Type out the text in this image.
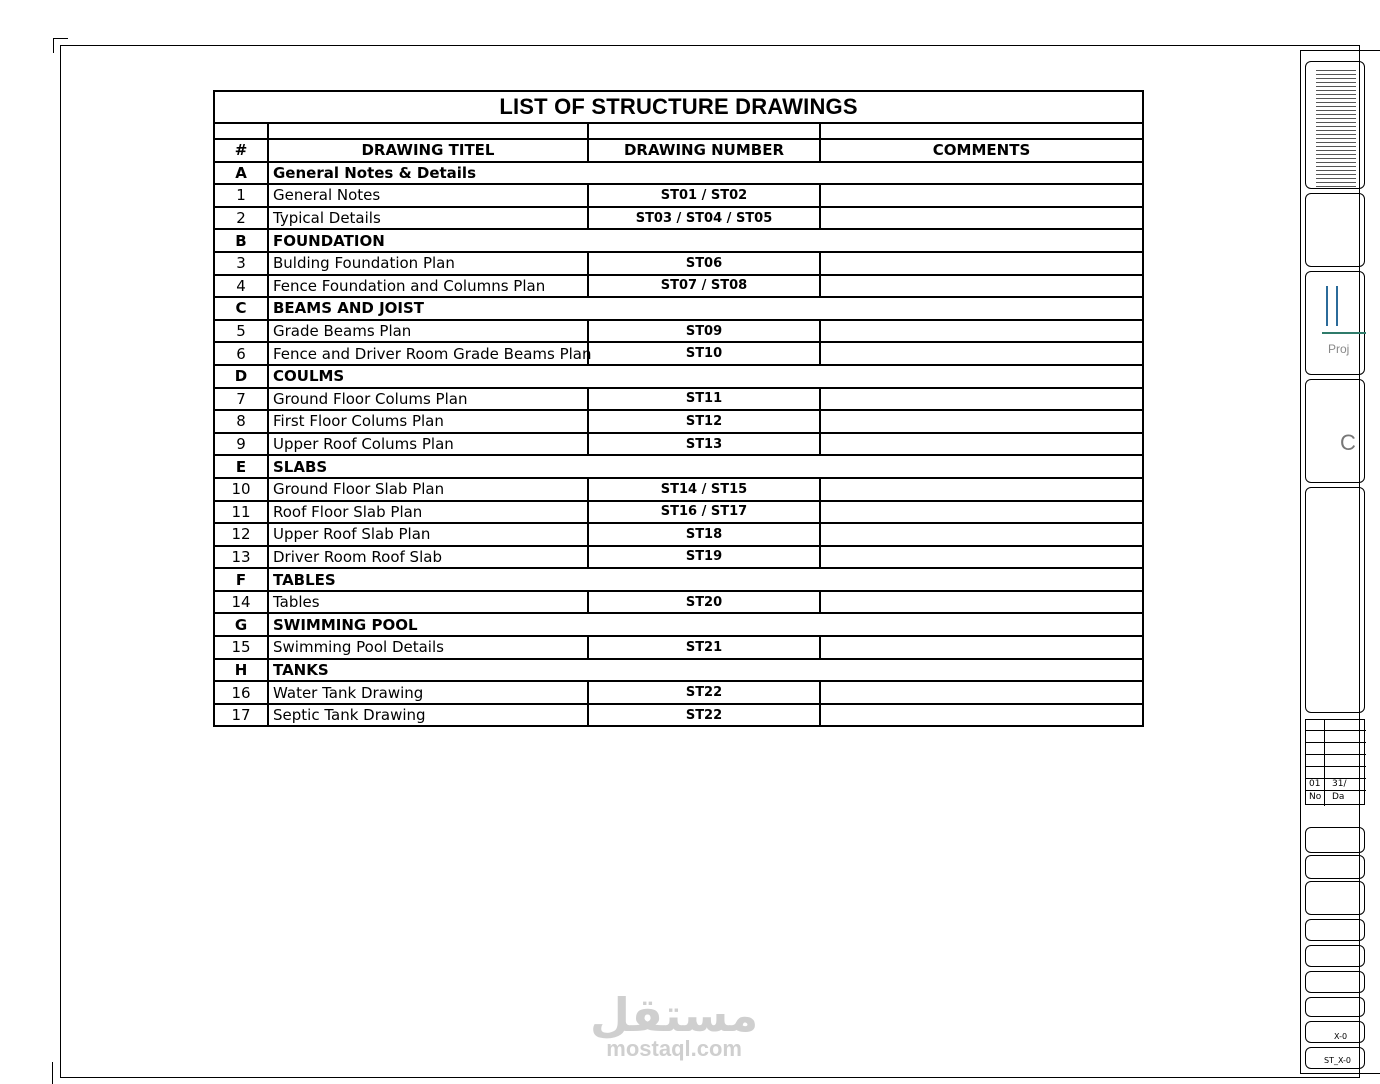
LIST OF STRUCTURE DRAWINGS			

#	DRAWING TITEL	DRAWING NUMBER	COMMENTS
A	General Notes & Details		
1	General Notes	ST01 / ST02	
2	Typical Details	ST03 / ST04 / ST05	
B	FOUNDATION		
3	Bulding Foundation Plan	ST06	
4	Fence Foundation and Columns Plan	ST07 / ST08	
C	BEAMS AND JOIST		
5	Grade Beams Plan	ST09	
6	Fence and Driver Room Grade Beams Plan	ST10	
D	COULMS		
7	Ground Floor Colums Plan	ST11	
8	First Floor Colums Plan	ST12	
9	Upper Roof Colums Plan	ST13	
E	SLABS		
10	Ground Floor Slab Plan	ST14 / ST15	
11	Roof Floor Slab Plan	ST16 / ST17	
12	Upper Roof Slab Plan	ST18	
13	Driver Room Roof Slab	ST19	
F	TABLES		
14	Tables	ST20	
G	SWIMMING POOL		
15	Swimming Pool Details	ST21	
H	TANKS		
16	Water Tank Drawing	ST22	
17	Septic Tank Drawing	ST22	
Proj
C
01 31/
No Da
X-0
ST_X-0
مستقل
mostaql.com
